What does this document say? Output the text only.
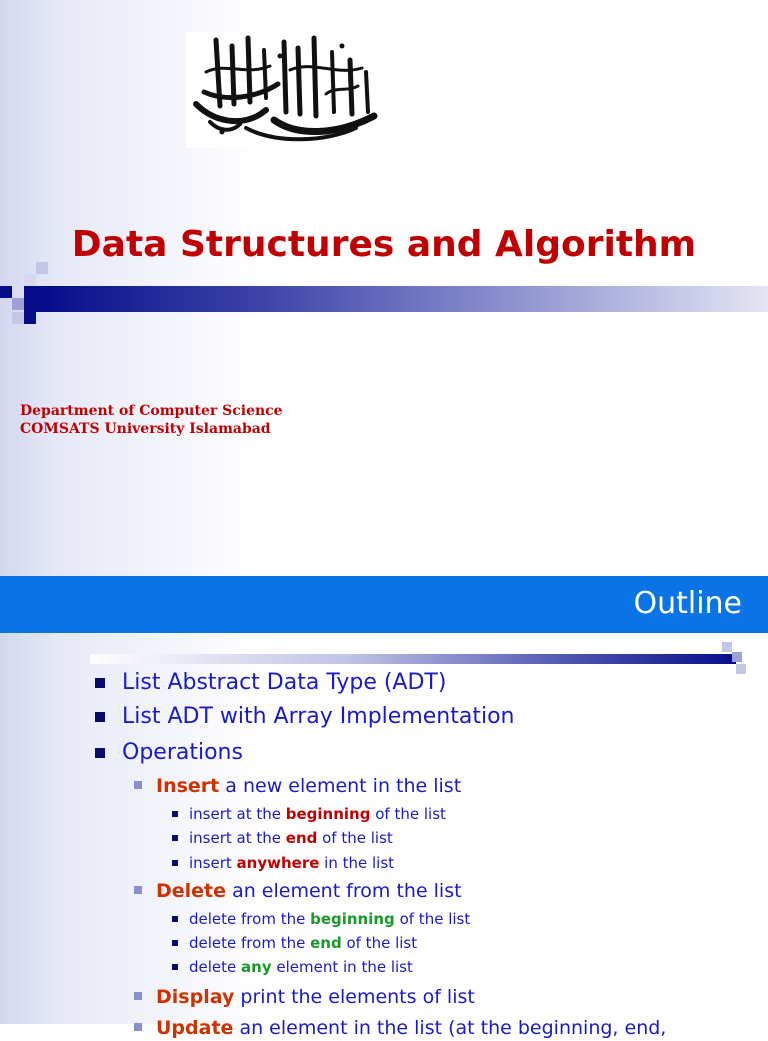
Data Structures and Algorithm
Department of Computer Science
COMSATS University Islamabad
Outline
List Abstract Data Type (ADT)
List ADT with Array Implementation
Operations
Insert a new element in the list
insert at the beginning of the list
insert at the end of the list
insert anywhere in the list
Delete an element from the list
delete from the beginning of the list
delete from the end of the list
delete any element in the list
Display print the elements of list
Update an element in the list (at the beginning, end,
